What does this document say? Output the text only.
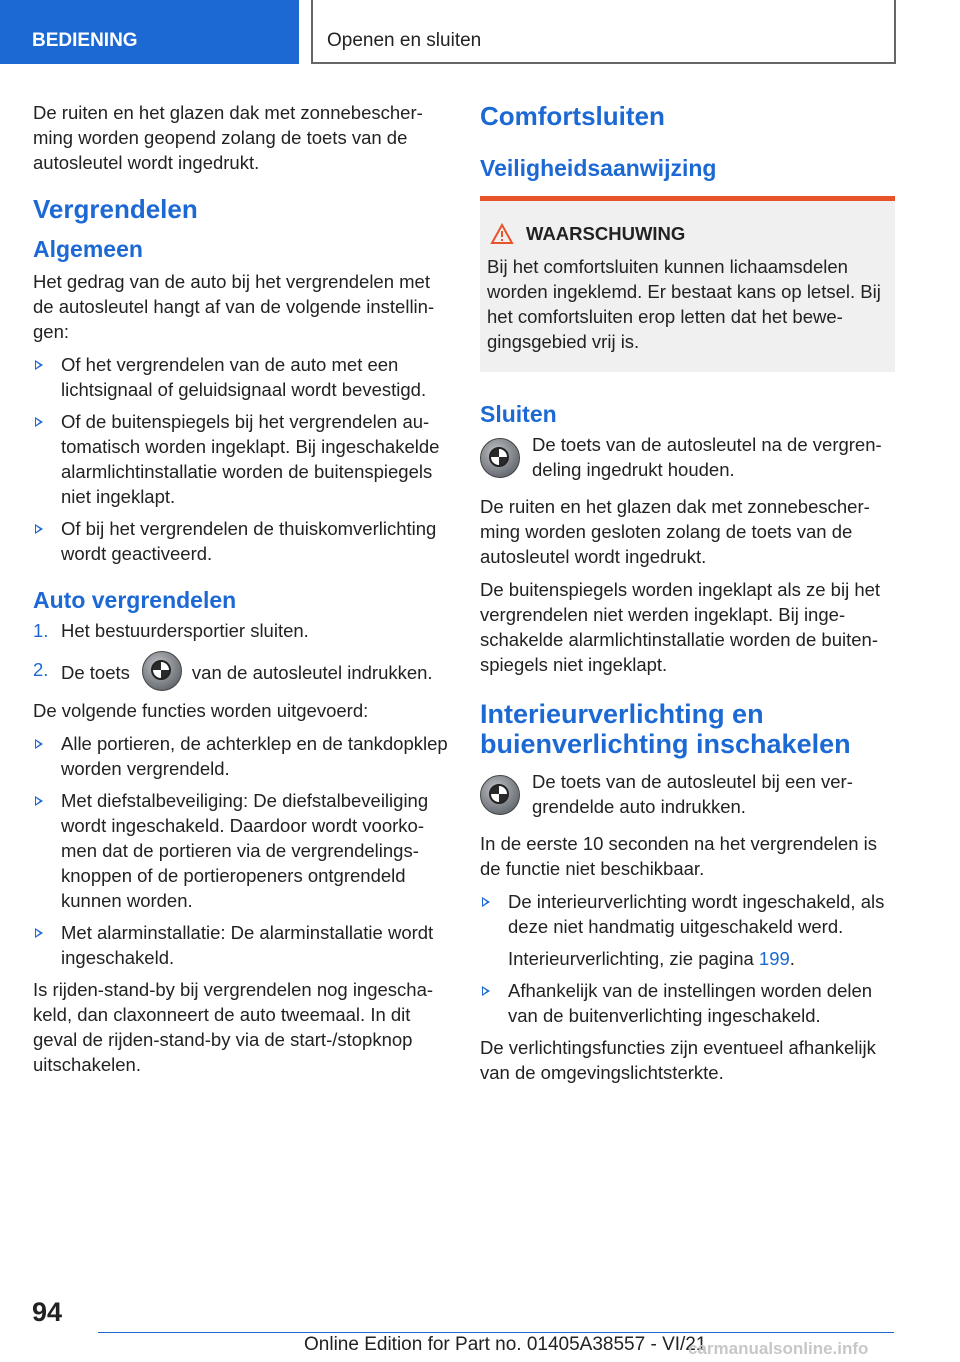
BEDIENING	Openen en sluiten

De ruiten en het glazen dak met zonnebescherming worden geopend zolang de toets van de autosleutel wordt ingedrukt.

Vergrendelen
Algemeen

Het gedrag van de auto bij het vergrendelen met de autosleutel hangt af van de volgende instellingen:

Of het vergrendelen van de auto met een lichtsignaal of geluidsignaal wordt bevestigd.
Of de buitenspiegels bij het vergrendelen automatisch worden ingeklapt. Bij ingeschakelde alarmlichtinstallatie worden de buitenspiegels niet ingeklapt.
Of bij het vergrendelen de thuiskomverlichting wordt geactiveerd.
Auto vergrendelen
1. Het bestuurdersportier sluiten.
2. De toets	van de autosleutel indrukken.

De volgende functies worden uitgevoerd:

Alle portieren, de achterklep en de tankdopklep worden vergrendeld.
Met diefstalbeveiliging: De diefstalbeveiliging wordt ingeschakeld. Daardoor wordt voorkomen dat de portieren via de vergrendelingsknoppen of de portieropeners ontgrendeld kunnen worden.
Met alarminstallatie: De alarminstallatie wordt ingeschakeld.

Is rijden-stand-by bij vergrendelen nog ingeschakeld, dan claxonneert de auto tweemaal. In dit geval de rijden-stand-by via de start-/stopknop uitschakelen.

Comfortsluiten
Veiligheidsaanwijzing
WAARSCHUWING
Bij het comfortsluiten kunnen lichaamsdelen worden ingeklemd. Er bestaat kans op letsel. Bij het comfortsluiten erop letten dat het bewegingsgebied vrij is.
Sluiten
De toets van de autosleutel na de vergrendeling ingedrukt houden.

De ruiten en het glazen dak met zonnebescherming worden gesloten zolang de toets van de autosleutel wordt ingedrukt.

De buitenspiegels worden ingeklapt als ze bij het vergrendelen niet werden ingeklapt. Bij ingeschakelde alarmlichtinstallatie worden de buitenspiegels niet ingeklapt.

Interieurverlichting en buienverlichting inschakelen
De toets van de autosleutel bij een vergrendelde auto indrukken.

In de eerste 10 seconden na het vergrendelen is de functie niet beschikbaar.

De interieurverlichting wordt ingeschakeld, als deze niet handmatig uitgeschakeld werd.

Interieurverlichting, zie pagina 199.

Afhankelijk van de instellingen worden delen van de buitenverlichting ingeschakeld.

De verlichtingsfuncties zijn eventueel afhankelijk van de omgevingslichtsterkte.

94
Online Edition for Part no. 01405A38557 - VI/21
carmanualsonline.info
